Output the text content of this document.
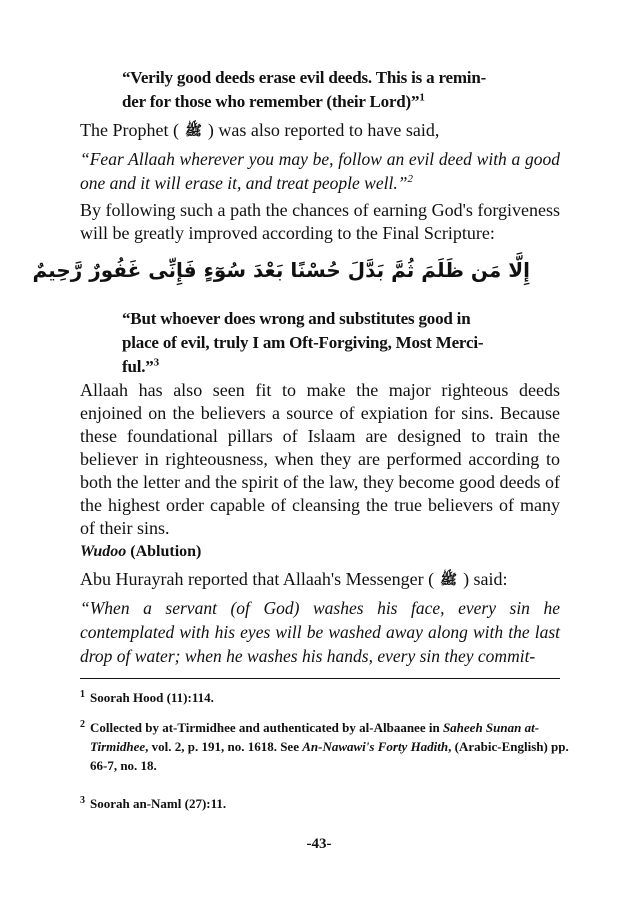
“Verily good deeds erase evil deeds. This is a remin-
der for those who remember (their Lord)”$^1$
The Prophet ( ﷺ ) was also reported to have said,
“Fear Allaah wherever you may be, follow an evil deed with a good one and it will erase it, and treat people well.”$^2$
By following such a path the chances of earning God's forgiveness will be greatly improved according to the Final Scripture:
إِلَّا مَن ظَلَمَ ثُمَّ بَدَّلَ حُسْنًا بَعْدَ سُوٓءٍ فَإِنِّى غَفُورٌ رَّحِيمٌ
“But whoever does wrong and substitutes good in
place of evil, truly I am Oft-Forgiving, Most Merci-
ful.”$^3$
Allaah has also seen fit to make the major righteous deeds enjoined on the believers a source of expiation for sins. Because these foundational pillars of Islaam are designed to train the believer in righteousness, when they are performed according to both the letter and the spirit of the law, they become good deeds of the highest order capable of cleansing the true believers of many of their sins.
Wudoo (Ablution)
Abu Hurayrah reported that Allaah's Messenger ( ﷺ ) said:
“When a servant (of God) washes his face, every sin he contemplated with his eyes will be washed away along with the last drop of water; when he washes his hands, every sin they commit-
$^1$ Soorah Hood (11):114.
$^2$ Collected by at-Tirmidhee and authenticated by al-Albaanee in Saheeh Sunan at-Tirmidhee, vol. 2, p. 191, no. 1618. See An-Nawawi's Forty Hadith, (Arabic-English) pp. 66-7, no. 18.
$^3$ Soorah an-Naml (27):11.
-43-
